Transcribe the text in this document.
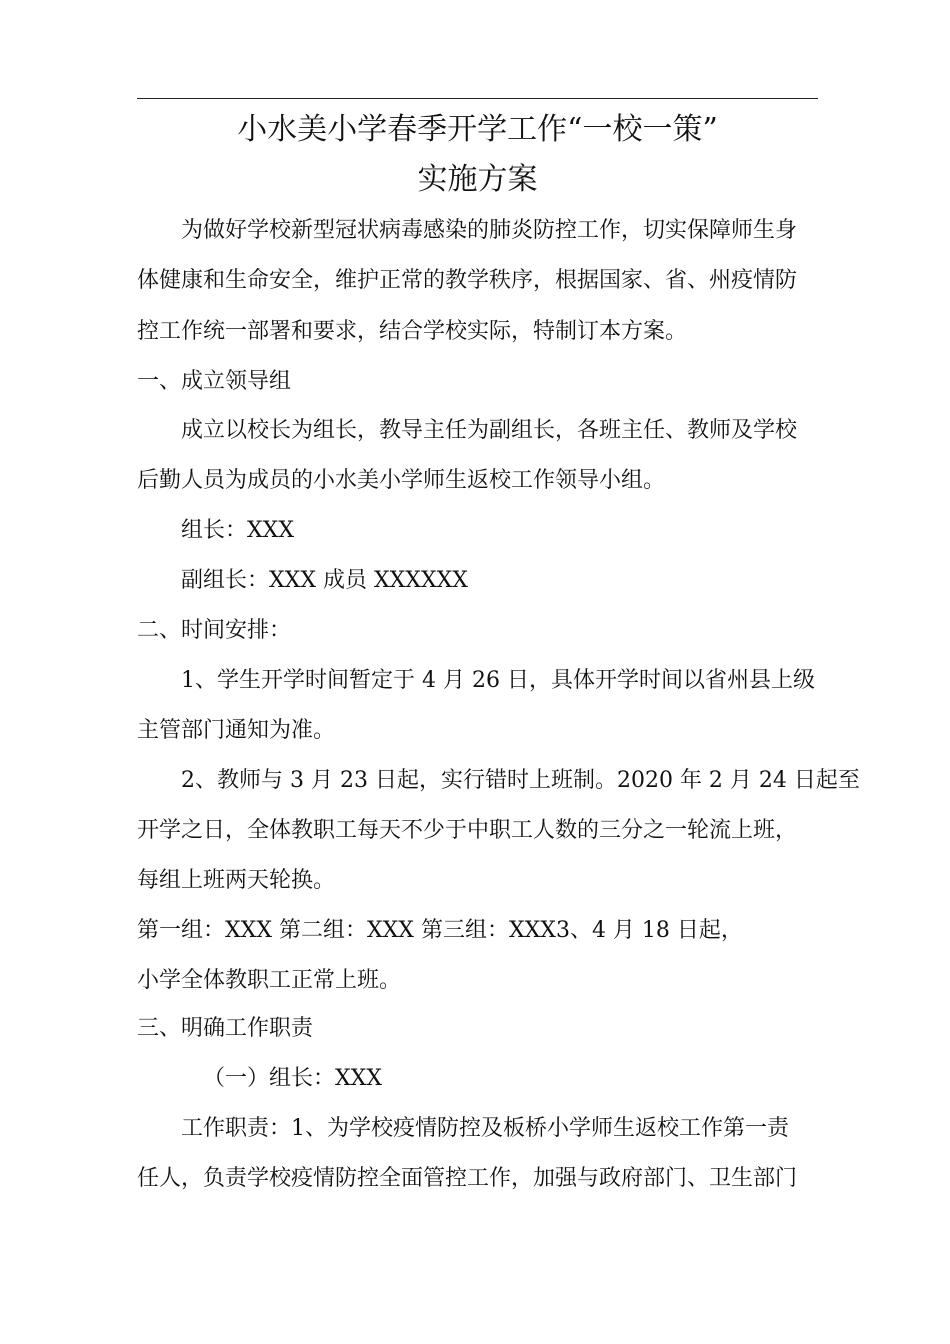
小水美小学春季开学工作“一校一策”
实施方案
为做好学校新型冠状病毒感染的肺炎防控工作，切实保障师生身
体健康和生命安全，维护正常的教学秩序，根据国家、省、州疫情防
控工作统一部署和要求，结合学校实际，特制订本方案。
一、成立领导组
成立以校长为组长，教导主任为副组长，各班主任、教师及学校
后勤人员为成员的小水美小学师生返校工作领导小组。
组长：XXX
副组长：XXX 成员 XXXXXX
二、时间安排：
1、学生开学时间暂定于 4 月 26 日，具体开学时间以省州县上级
主管部门通知为准。
2、教师与 3 月 23 日起，实行错时上班制。2020 年 2 月 24 日起至
开学之日，全体教职工每天不少于中职工人数的三分之一轮流上班，
每组上班两天轮换。
第一组：XXX 第二组：XXX 第三组：XXX3、4 月 18 日起，
小学全体教职工正常上班。
三、明确工作职责
（一）组长：XXX
工作职责：1、为学校疫情防控及板桥小学师生返校工作第一责
任人，负责学校疫情防控全面管控工作，加强与政府部门、卫生部门
